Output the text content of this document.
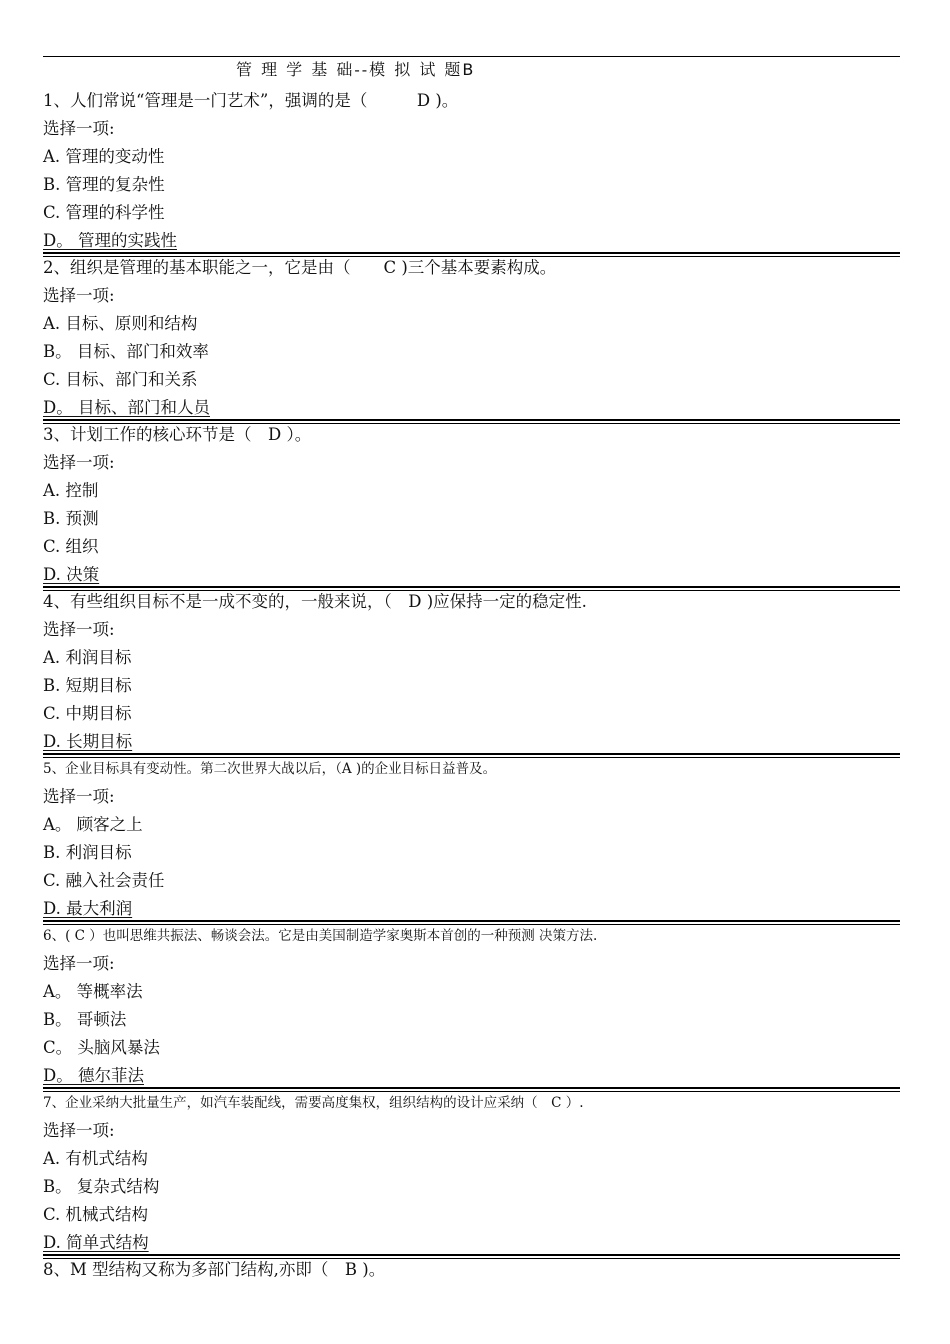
管 理 学 基 础--模 拟 试 题B
1、人们常说“管理是一门艺术”，强调的是（　　　D )。
选择一项:
A. 管理的变动性
B. 管理的复杂性
C. 管理的科学性
D。 管理的实践性
2、组织是管理的基本职能之一，它是由（　　C )三个基本要素构成。
选择一项:
A. 目标、原则和结构
B。 目标、部门和效率
C. 目标、部门和关系
D。 目标、部门和人员
3、计划工作的核心环节是（　D ）。
选择一项:
A. 控制
B. 预测
C. 组织
D. 决策
4、有些组织目标不是一成不变的，一般来说，（　D )应保持一定的稳定性.
选择一项:
A. 利润目标
B. 短期目标
C. 中期目标
D. 长期目标
5、企业目标具有变动性。第二次世界大战以后，（A )的企业目标日益普及。
选择一项:
A。 顾客之上
B. 利润目标
C. 融入社会责任
D. 最大利润
6、( C ）也叫思维共振法、畅谈会法。它是由美国制造学家奥斯本首创的一种预测 决策方法.
选择一项:
A。 等概率法
B。 哥顿法
C。 头脑风暴法
D。 德尔菲法
7、企业采纳大批量生产，如汽车装配线，需要高度集权，组织结构的设计应采纳（　C ）.
选择一项:
A. 有机式结构
B。 复杂式结构
C. 机械式结构
D. 简单式结构
8、M 型结构又称为多部门结构,亦即（　B )。
